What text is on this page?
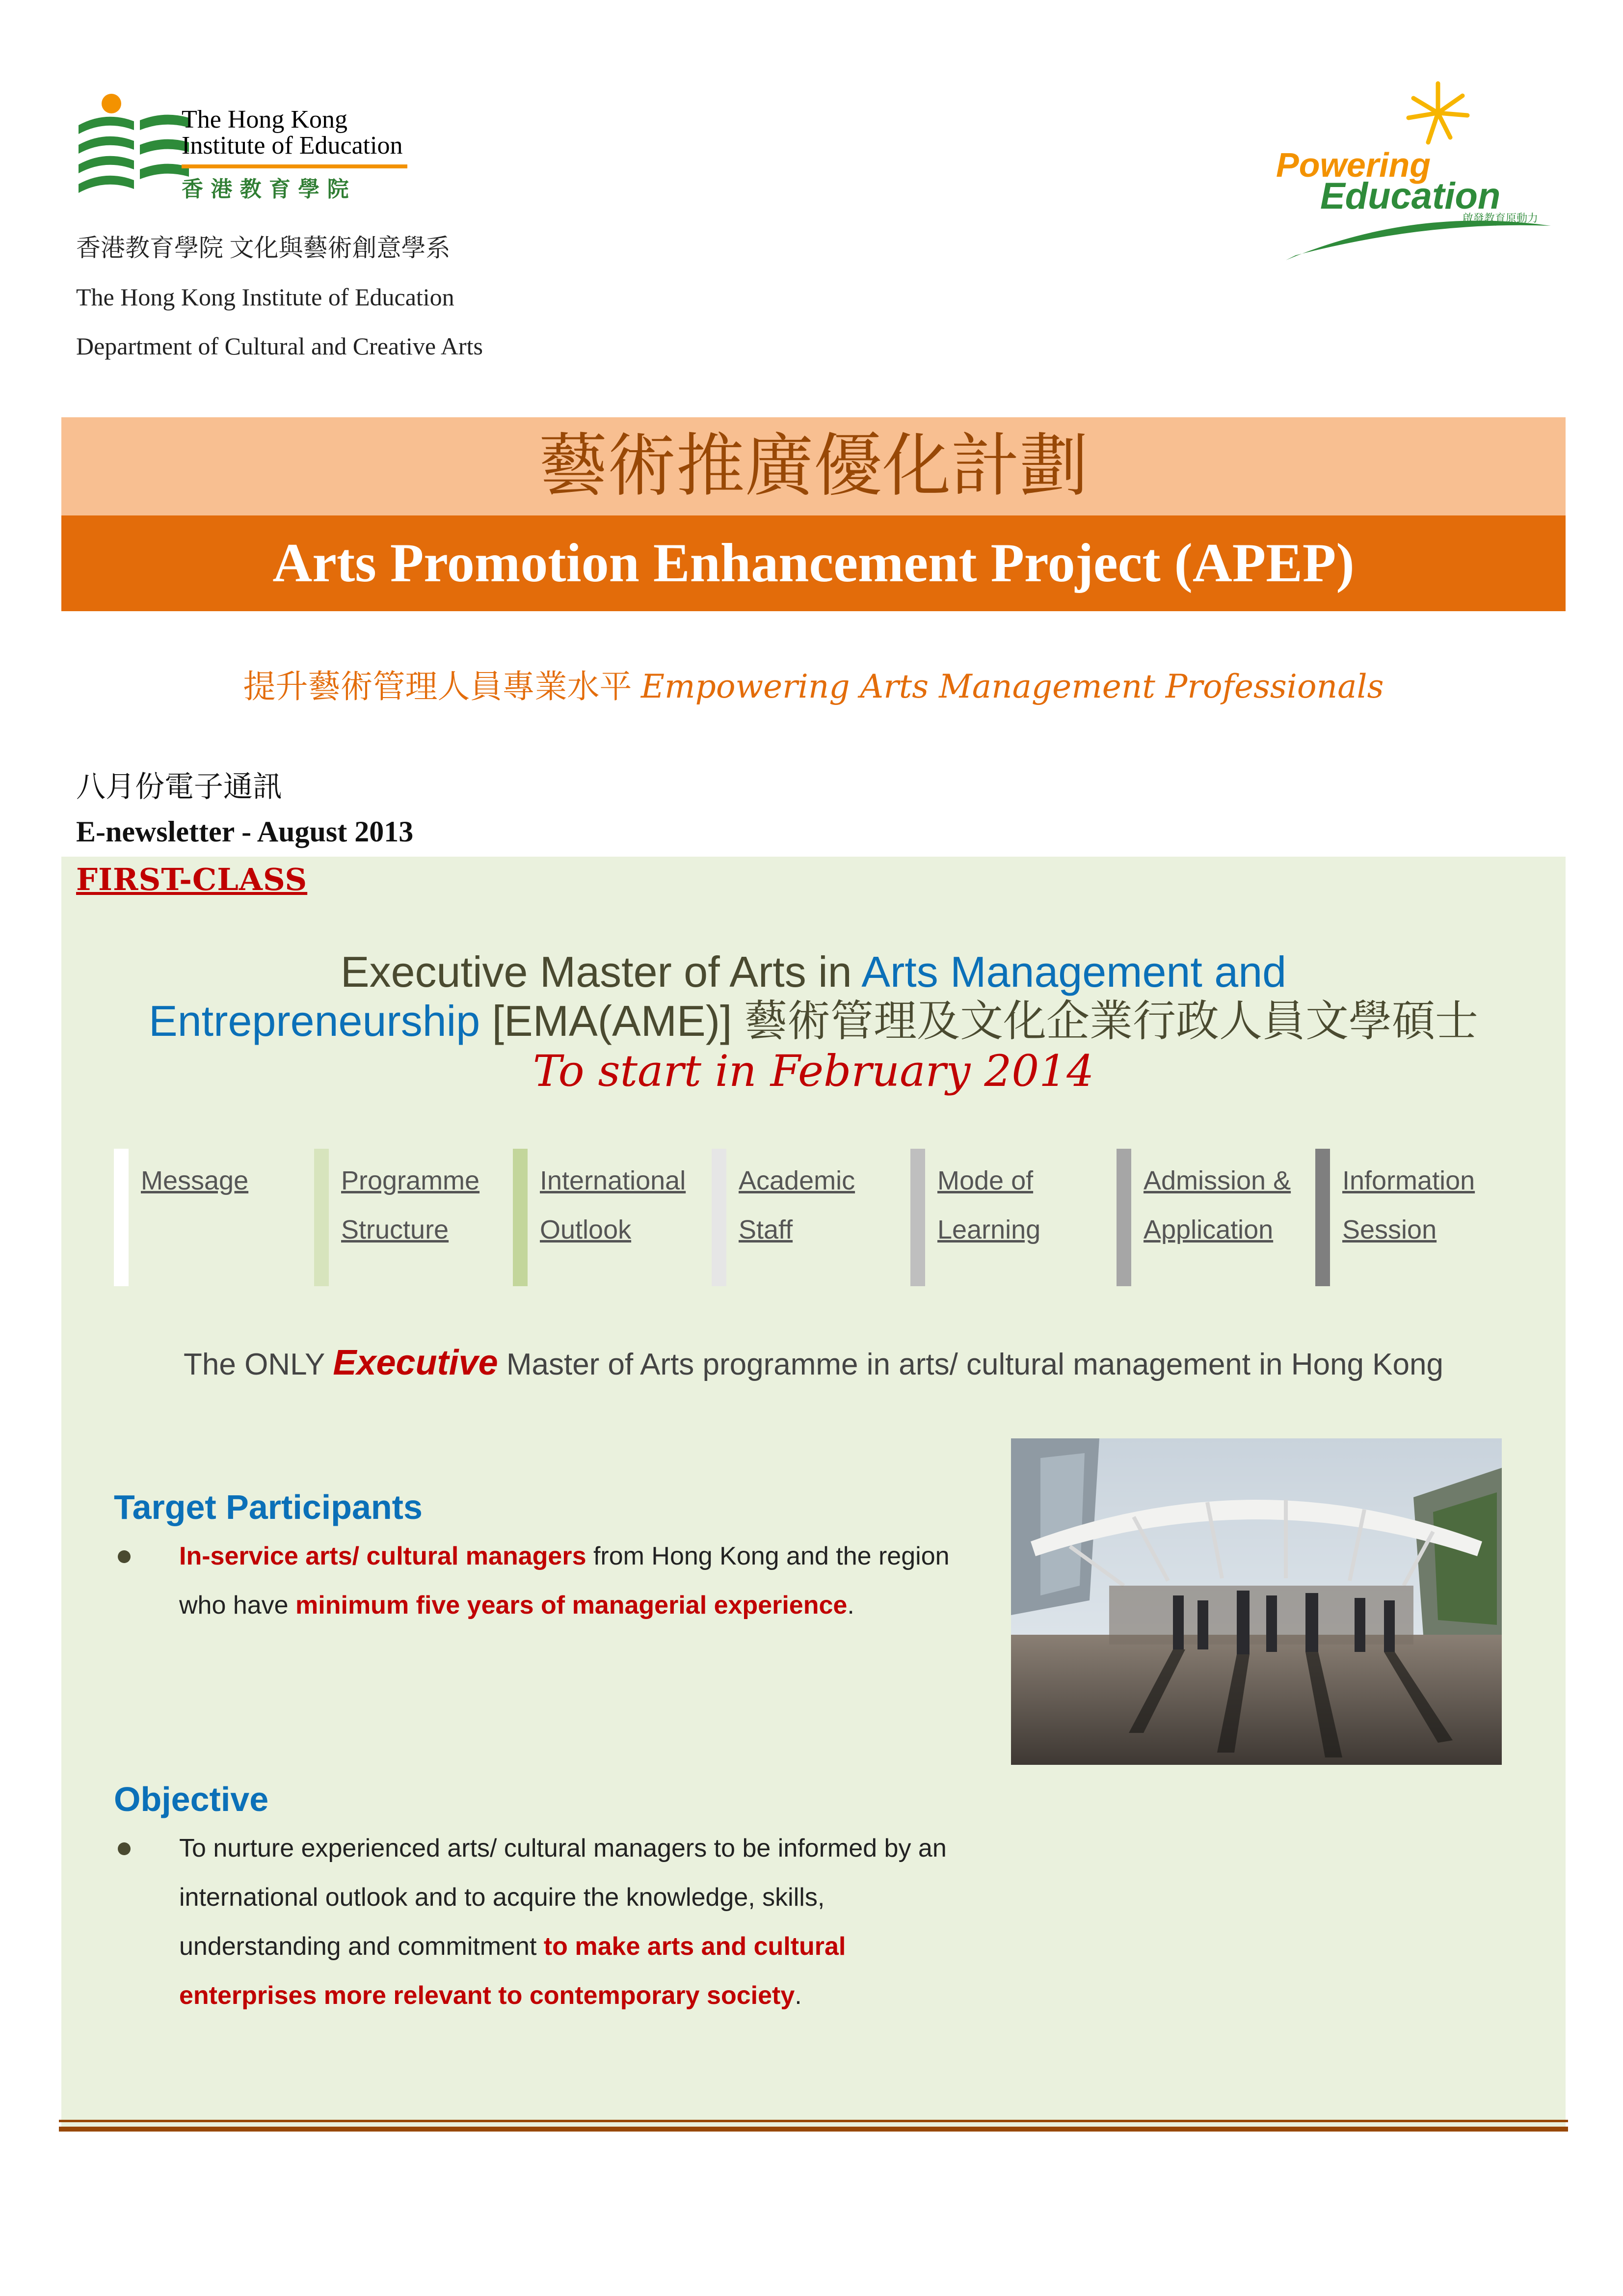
The Hong Kong
Institute of Education
香 港 教 育 學 院
香港教育學院 文化與藝術創意學系
The Hong Kong Institute of Education
Department of Cultural and Creative Arts
Powering
Education
啟發教育原動力
藝術推廣優化計劃
Arts Promotion Enhancement Project (APEP)
提升藝術管理人員專業水平 Empowering Arts Management Professionals
八月份電子通訊
E-newsletter - August 2013
FIRST-CLASS
Executive Master of Arts in Arts Management and
Entrepreneurship [EMA(AME)] 藝術管理及文化企業行政人員文學碩士
To start in February 2014
Message	Programme
Structure
International
Outlook
Academic
Staff
Mode of
Learning
Admission &
Application
Information
Session
The ONLY Executive Master of Arts programme in arts/ cultural management in Hong Kong
Target Participants
In-service arts/ cultural managers from Hong Kong and the region who have minimum five years of managerial experience.
Objective
To nurture experienced arts/ cultural managers to be informed by an international outlook and to acquire the knowledge, skills, understanding and commitment to make arts and cultural enterprises more relevant to contemporary society.
